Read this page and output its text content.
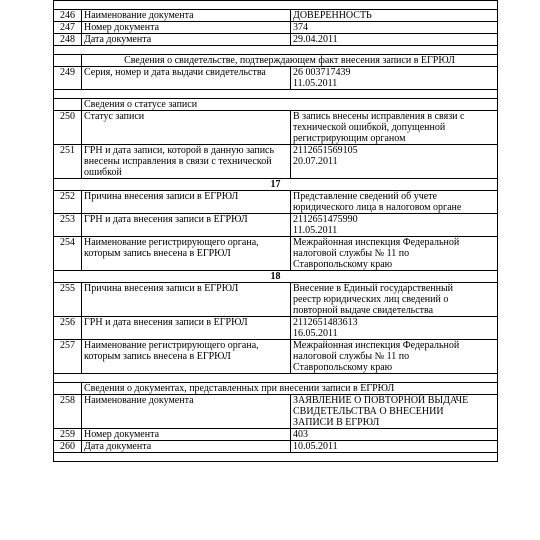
246	Наименование документа	ДОВЕРЕННОСТЬ

247	Номер документа	374

248	Дата документа	29.04.2011

	Сведения о свидетельстве, подтверждающем факт внесения записи в ЕГРЮЛ	
249	Серия, номер и дата выдачи свидетельства	26 003717439
11.05.2011

	Сведения о статусе записи	
250	Статус записи	В запись внесены исправления в связи с
технической ошибкой, допущенной
регистрирующим органом

251	ГРН и дата записи, которой в данную запись внесены исправления в связи с технической ошибкой	2112651569105
20.07.2011

17		
252	Причина внесения записи в ЕГРЮЛ	Представление сведений об учете
юридического лица в налоговом органе

253	ГРН и дата внесения записи в ЕГРЮЛ	2112651475990
11.05.2011

254	Наименование регистрирующего органа, которым запись внесена в ЕГРЮЛ	Межрайонная инспекция Федеральной
налоговой службы № 11 по
Ставропольскому краю

18		
255	Причина внесения записи в ЕГРЮЛ	Внесение в Единый государственный
реестр юридических лиц сведений о
повторной выдаче свидетельства

256	ГРН и дата внесения записи в ЕГРЮЛ	2112651483613
16.05.2011

257	Наименование регистрирующего органа, которым запись внесена в ЕГРЮЛ	Межрайонная инспекция Федеральной
налоговой службы № 11 по
Ставропольскому краю

	Сведения о документах, представленных при внесении записи в ЕГРЮЛ	
258	Наименование документа	ЗАЯВЛЕНИЕ О ПОВТОРНОЙ ВЫДАЧЕ
СВИДЕТЕЛЬСТВА О ВНЕСЕНИИ
ЗАПИСИ В ЕГРЮЛ

259	Номер документа	403

260	Дата документа	10.05.2011
